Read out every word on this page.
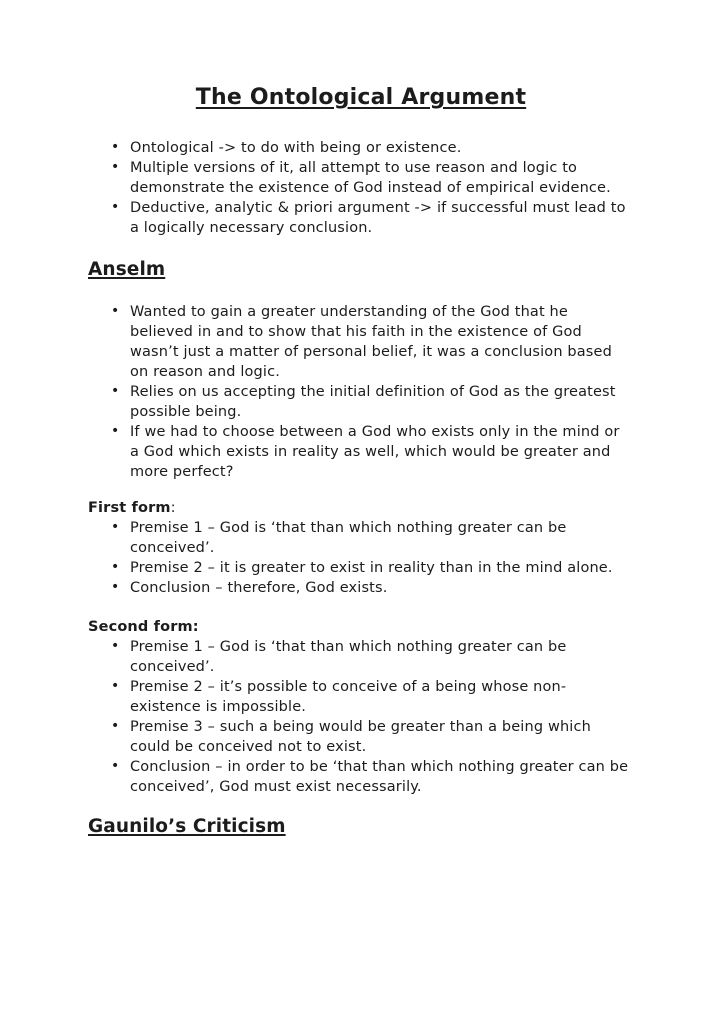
The Ontological Argument
• Ontological -> to do with being or existence.
• Multiple versions of it, all attempt to use reason and logic to demonstrate the existence of God instead of empirical evidence.
• Deductive, analytic & priori argument -> if successful must lead to a logically necessary conclusion.
Anselm
• Wanted to gain a greater understanding of the God that he believed in and to show that his faith in the existence of God wasn’t just a matter of personal belief, it was a conclusion based on reason and logic.
• Relies on us accepting the initial definition of God as the greatest possible being.
• If we had to choose between a God who exists only in the mind or a God which exists in reality as well, which would be greater and more perfect?

First form:

• Premise 1 – God is ‘that than which nothing greater can be conceived’.
• Premise 2 – it is greater to exist in reality than in the mind alone.
• Conclusion – therefore, God exists.

Second form:

• Premise 1 – God is ‘that than which nothing greater can be conceived’.
• Premise 2 – it’s possible to conceive of a being whose non-existence is impossible.
• Premise 3 – such a being would be greater than a being which could be conceived not to exist.
• Conclusion – in order to be ‘that than which nothing greater can be conceived’, God must exist necessarily.
Gaunilo’s Criticism
